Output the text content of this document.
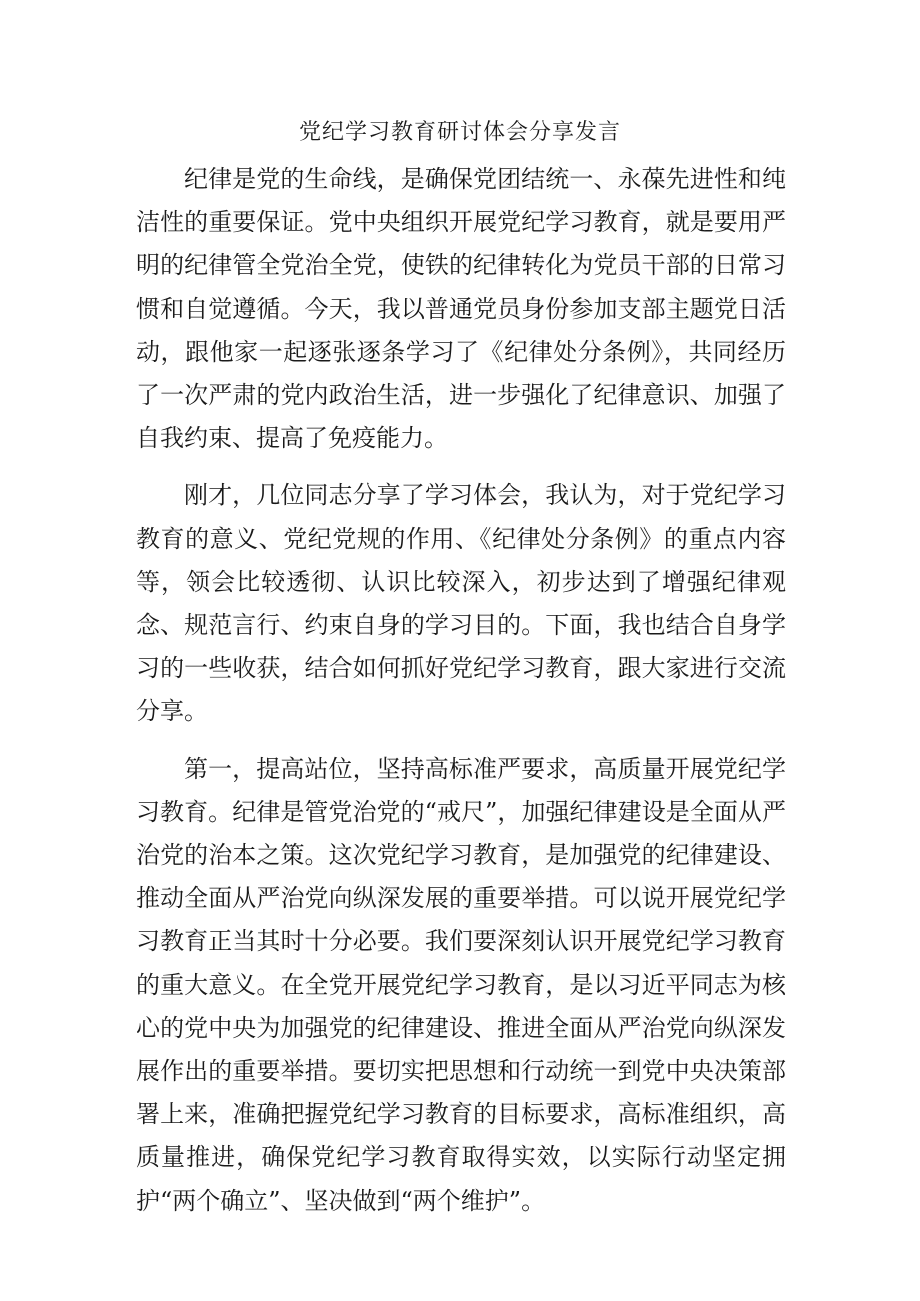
党纪学习教育研讨体会分享发言

纪律是党的生命线，是确保党团结统一、永葆先进性和纯洁性的重要保证。党中央组织开展党纪学习教育，就是要用严明的纪律管全党治全党，使铁的纪律转化为党员干部的日常习惯和自觉遵循。今天，我以普通党员身份参加支部主题党日活动，跟他家一起逐张逐条学习了《纪律处分条例》，共同经历了一次严肃的党内政治生活，进一步强化了纪律意识、加强了自我约束、提高了免疫能力。

刚才，几位同志分享了学习体会，我认为，对于党纪学习教育的意义、党纪党规的作用、《纪律处分条例》的重点内容等，领会比较透彻、认识比较深入，初步达到了增强纪律观念、规范言行、约束自身的学习目的。下面，我也结合自身学习的一些收获，结合如何抓好党纪学习教育，跟大家进行交流分享。

第一，提高站位，坚持高标准严要求，高质量开展党纪学习教育。纪律是管党治党的“戒尺”，加强纪律建设是全面从严治党的治本之策。这次党纪学习教育，是加强党的纪律建设、推动全面从严治党向纵深发展的重要举措。可以说开展党纪学习教育正当其时十分必要。我们要深刻认识开展党纪学习教育的重大意义。在全党开展党纪学习教育，是以习近平同志为核心的党中央为加强党的纪律建设、推进全面从严治党向纵深发展作出的重要举措。要切实把思想和行动统一到党中央决策部署上来，准确把握党纪学习教育的目标要求，高标准组织，高质量推进，确保党纪学习教育取得实效，以实际行动坚定拥护“两个确立”、坚决做到“两个维护”。
